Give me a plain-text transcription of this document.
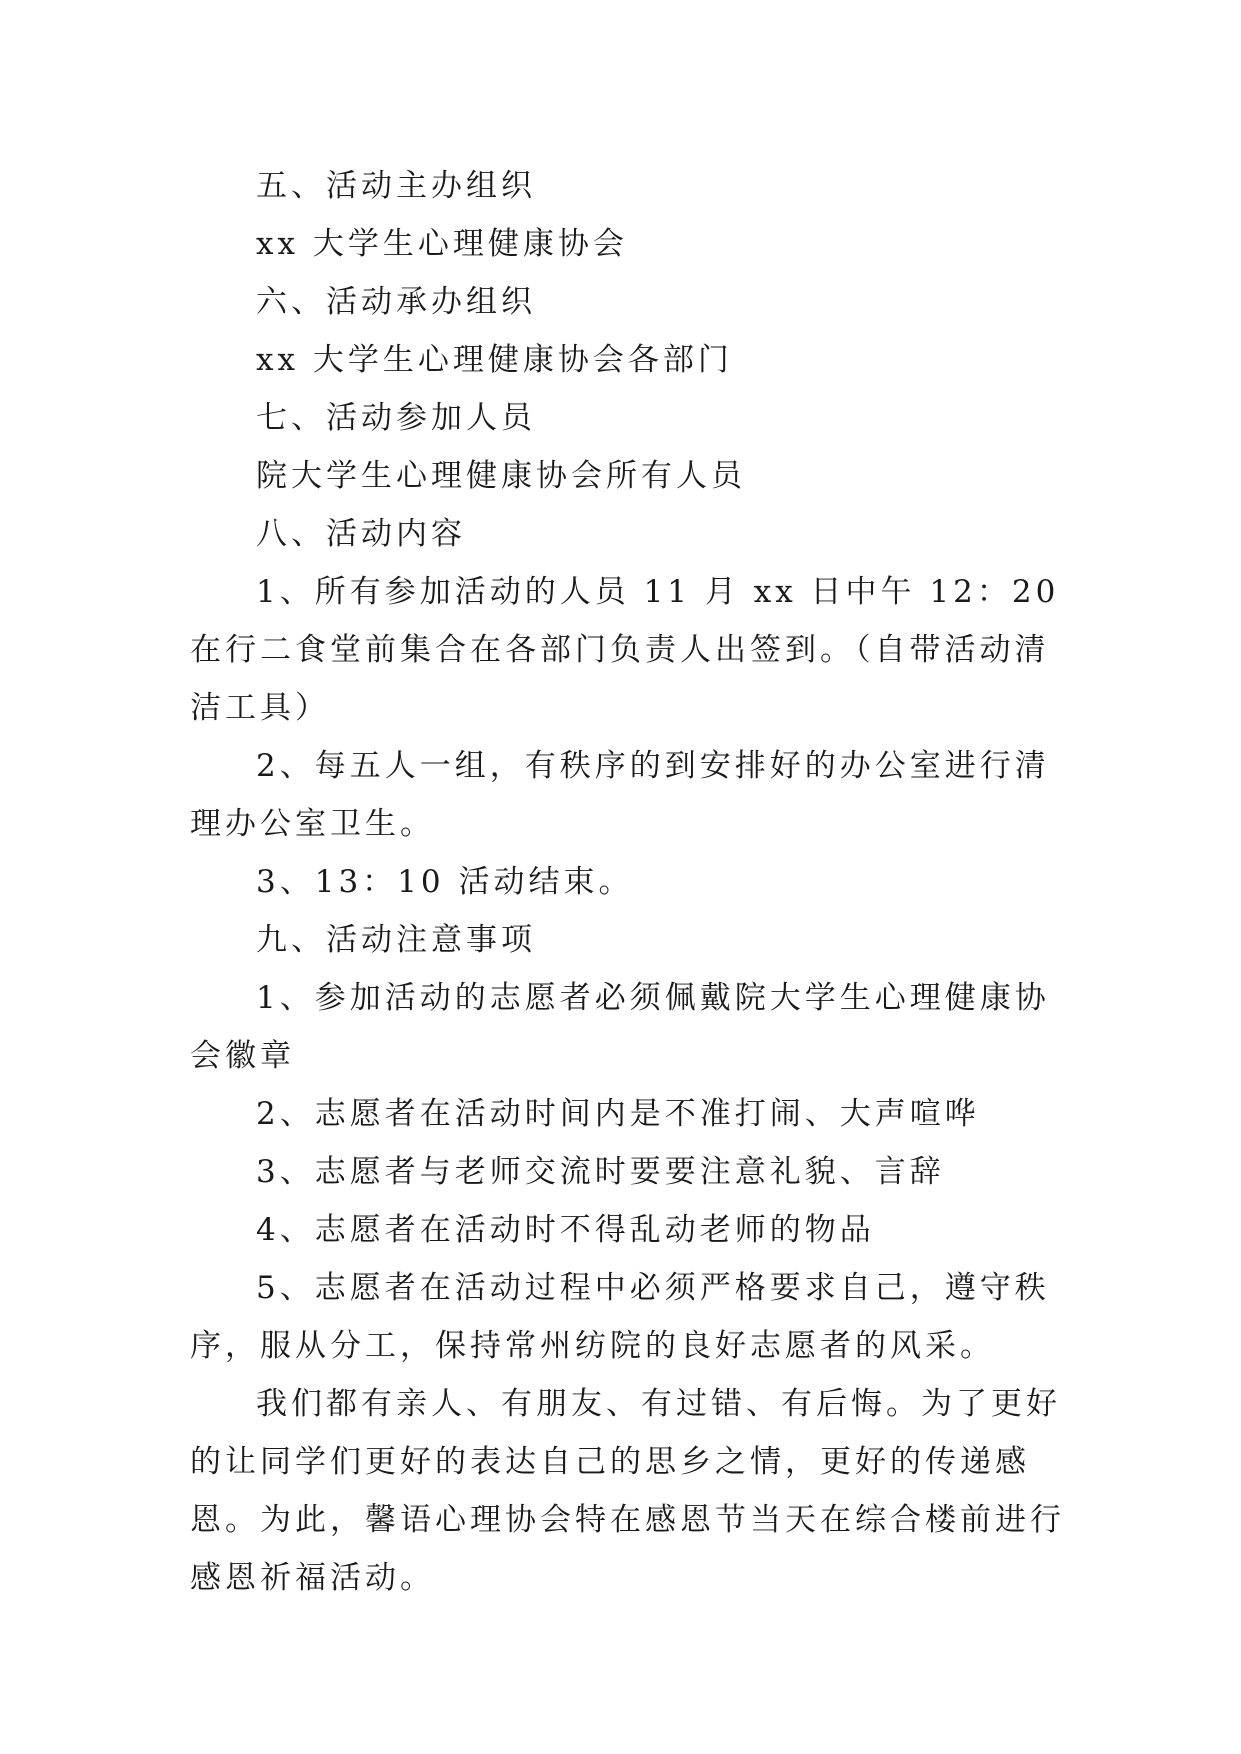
五、活动主办组织

xx 大学生心理健康协会

六、活动承办组织

xx 大学生心理健康协会各部门

七、活动参加人员

院大学生心理健康协会所有人员

八、活动内容

1、所有参加活动的人员 11 月 xx 日中午 12：20 在行二食堂前集合在各部门负责人出签到。（自带活动清洁工具）

2、每五人一组，有秩序的到安排好的办公室进行清理办公室卫生。

3、13：10 活动结束。

九、活动注意事项

1、参加活动的志愿者必须佩戴院大学生心理健康协会徽章

2、志愿者在活动时间内是不准打闹、大声喧哗

3、志愿者与老师交流时要要注意礼貌、言辞

4、志愿者在活动时不得乱动老师的物品

5、志愿者在活动过程中必须严格要求自己，遵守秩序，服从分工，保持常州纺院的良好志愿者的风采。

我们都有亲人、有朋友、有过错、有后悔。为了更好的让同学们更好的表达自己的思乡之情，更好的传递感恩。为此，馨语心理协会特在感恩节当天在综合楼前进行感恩祈福活动。
